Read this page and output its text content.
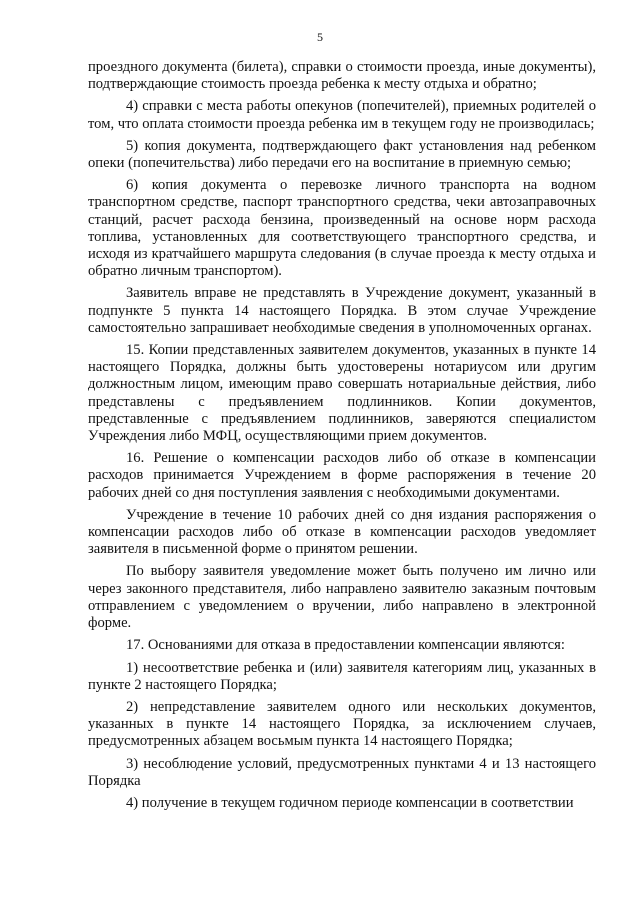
5

проездного документа (билета), справки о стоимости проезда, иные документы), подтверждающие стоимость проезда ребенка к месту отдыха и обратно;

4) справки с места работы опекунов (попечителей), приемных родителей о том, что оплата стоимости проезда ребенка им в текущем году не производилась;

5) копия документа, подтверждающего факт установления над ребенком опеки (попечительства) либо передачи его на воспитание в приемную семью;

6) копия документа о перевозке личного транспорта на водном транспортном средстве, паспорт транспортного средства, чеки автозаправочных станций, расчет расхода бензина, произведенный на основе норм расхода топлива, установленных для соответствующего транспортного средства, и исходя из кратчайшего маршрута следования (в случае проезда к месту отдыха и обратно личным транспортом).

Заявитель вправе не представлять в Учреждение документ, указанный в подпункте 5 пункта 14 настоящего Порядка. В этом случае Учреждение самостоятельно запрашивает необходимые сведения в уполномоченных органах.

15. Копии представленных заявителем документов, указанных в пункте 14 настоящего Порядка, должны быть удостоверены нотариусом или другим должностным лицом, имеющим право совершать нотариальные действия, либо представлены с предъявлением подлинников. Копии документов, представленные с предъявлением подлинников, заверяются специалистом Учреждения либо МФЦ, осуществляющими прием документов.

16. Решение о компенсации расходов либо об отказе в компенсации расходов принимается Учреждением в форме распоряжения в течение 20 рабочих дней со дня поступления заявления с необходимыми документами.

Учреждение в течение 10 рабочих дней со дня издания распоряжения о компенсации расходов либо об отказе в компенсации расходов уведомляет заявителя в письменной форме о принятом решении.

По выбору заявителя уведомление может быть получено им лично или через законного представителя, либо направлено заявителю заказным почтовым отправлением с уведомлением о вручении, либо направлено в электронной форме.

17. Основаниями для отказа в предоставлении компенсации являются:

1) несоответствие ребенка и (или) заявителя категориям лиц, указанных в пункте 2 настоящего Порядка;

2) непредставление заявителем одного или нескольких документов, указанных в пункте 14 настоящего Порядка, за исключением случаев, предусмотренных абзацем восьмым пункта 14 настоящего Порядка;

3) несоблюдение условий, предусмотренных пунктами 4 и 13 настоящего Порядка

4) получение в текущем годичном периоде компенсации в соответствии
